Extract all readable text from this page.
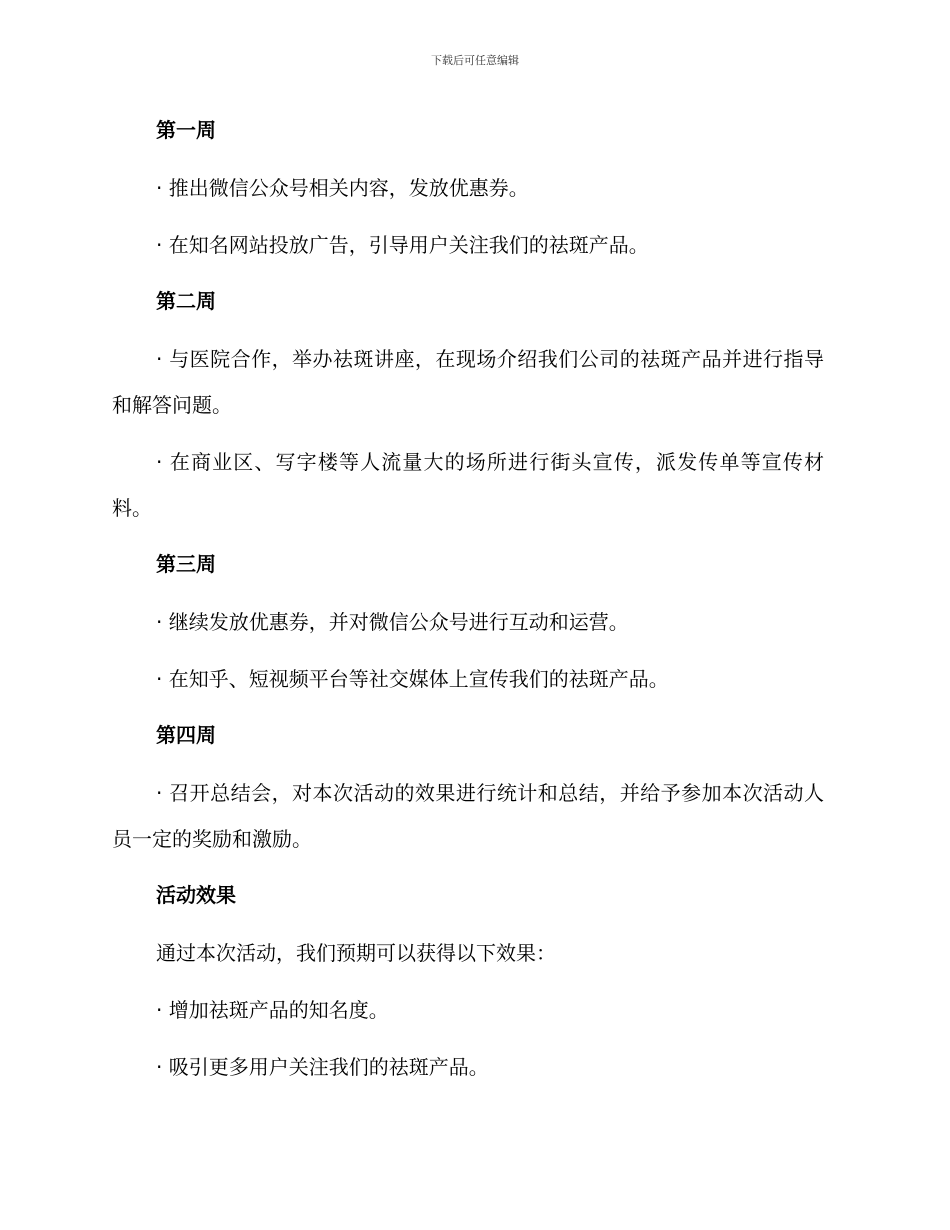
下载后可任意编辑
第一周
· 推出微信公众号相关内容，发放优惠券。
· 在知名网站投放广告，引导用户关注我们的祛斑产品。
第二周
· 与医院合作，举办祛斑讲座，在现场介绍我们公司的祛斑产品并进行指导和解答问题。
· 在商业区、写字楼等人流量大的场所进行街头宣传，派发传单等宣传材料。
第三周
· 继续发放优惠券，并对微信公众号进行互动和运营。
· 在知乎、短视频平台等社交媒体上宣传我们的祛斑产品。
第四周
· 召开总结会，对本次活动的效果进行统计和总结，并给予参加本次活动人员一定的奖励和激励。
活动效果
通过本次活动，我们预期可以获得以下效果：
· 增加祛斑产品的知名度。
· 吸引更多用户关注我们的祛斑产品。
